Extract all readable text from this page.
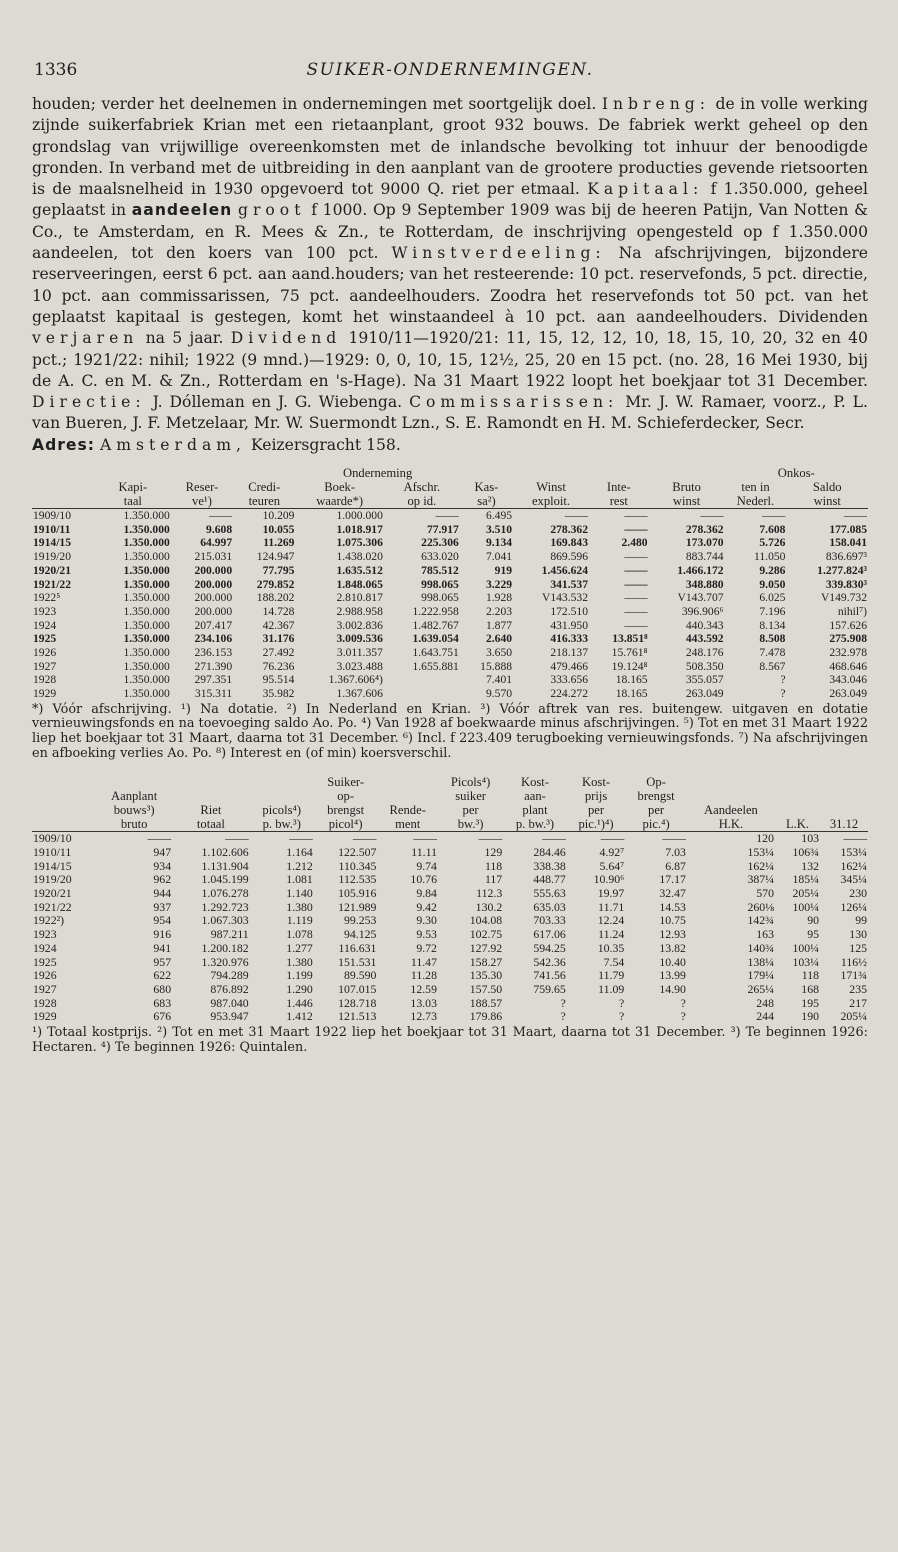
1336	SUIKER-ONDERNEMINGEN.

houden; verder het deelnemen in ondernemingen met soortgelijk doel. Inbreng: de in volle werking zijnde suikerfabriek Krian met een rietaanplant, groot 932 bouws. De fabriek werkt geheel op den grondslag van vrijwillige overeenkomsten met de inlandsche bevolking tot inhuur der benoodigde gronden. In verband met de uitbreiding in den aanplant van de grootere producties gevende rietsoorten is de maalsnelheid in 1930 opgevoerd tot 9000 Q. riet per etmaal. Kapitaal: f 1.350.000, geheel geplaatst in aandeelen groot f 1000. Op 9 September 1909 was bij de heeren Patijn, Van Notten & Co., te Amsterdam, en R. Mees & Zn., te Rotterdam, de inschrijving opengesteld op f 1.350.000 aandeelen, tot den koers van 100 pct. Winstverdeeling: Na afschrijvingen, bijzondere reserveeringen, eerst 6 pct. aan aand.houders; van het resteerende: 10 pct. reservefonds, 5 pct. directie, 10 pct. aan commissarissen, 75 pct. aandeelhouders. Zoodra het reservefonds tot 50 pct. van het geplaatst kapitaal is gestegen, komt het winstaandeel à 10 pct. aan aandeelhouders. Dividenden verjaren na 5 jaar. Dividend 1910/11—1920/21: 11, 15, 12, 12, 10, 18, 15, 10, 20, 32 en 40 pct.; 1921/22: nihil; 1922 (9 mnd.)—1929: 0, 0, 10, 15, 12½, 25, 20 en 15 pct. (no. 28, 16 Mei 1930, bij de A. C. en M. & Zn., Rotterdam en 's-Hage). Na 31 Maart 1922 loopt het boekjaar tot 31 December. Directie: J. Dólleman en J. G. Wiebenga. Commissarissen: Mr. J. W. Ramaer, voorz., P. L. van Bueren, J. F. Metzelaar, Mr. W. Suermondt Lzn., S. E. Ramondt en H. M. Schieferdecker, Secr.

Adres: Amsterdam, Keizersgracht 158.

				Onderneming						Onkos-	
	Kapi-	Reser-	Credi-	Boek-	Afschr.	Kas-	Winst	Inte-	Bruto	ten in	Saldo
	taal	ve¹)	teuren	waarde*)	op id.	sa²)	exploit.	rest	winst	Nederl.	winst
1909/10	1.350.000	——	10.209	1.000.000	——	6.495	——	——	——	——	——
1910/11	1.350.000	9.608	10.055	1.018.917	77.917	3.510	278.362	——	278.362	7.608	177.085
1914/15	1.350.000	64.997	11.269	1.075.306	225.306	9.134	169.843	2.480	173.070	5.726	158.041
1919/20	1.350.000	215.031	124.947	1.438.020	633.020	7.041	869.596	——	883.744	11.050	836.697³
1920/21	1.350.000	200.000	77.795	1.635.512	785.512	919	1.456.624	——	1.466.172	9.286	1.277.824³
1921/22	1.350.000	200.000	279.852	1.848.065	998.065	3.229	341.537	——	348.880	9.050	339.830³
1922⁵	1.350.000	200.000	188.202	2.810.817	998.065	1.928	V143.532	——	V143.707	6.025	V149.732
1923	1.350.000	200.000	14.728	2.988.958	1.222.958	2.203	172.510	——	396.906⁶	7.196	nihil⁷)
1924	1.350.000	207.417	42.367	3.002.836	1.482.767	1.877	431.950	——	440.343	8.134	157.626
1925	1.350.000	234.106	31.176	3.009.536	1.639.054	2.640	416.333	13.851⁸	443.592	8.508	275.908
1926	1.350.000	236.153	27.492	3.011.357	1.643.751	3.650	218.137	15.761⁸	248.176	7.478	232.978
1927	1.350.000	271.390	76.236	3.023.488	1.655.881	15.888	479.466	19.124⁸	508.350	8.567	468.646
1928	1.350.000	297.351	95.514	1.367.606⁴)		7.401	333.656	18.165	355.057	?	343.046
1929	1.350.000	315.311	35.982	1.367.606		9.570	224.272	18.165	263.049	?	263.049

*) Vóór afschrijving. ¹) Na dotatie. ²) In Nederland en Krian. ³) Vóór aftrek van res. buitengew. uitgaven en dotatie vernieuwingsfonds en na toevoeging saldo Ao. Po. ⁴) Van 1928 af boekwaarde minus afschrijvingen. ⁵) Tot en met 31 Maart 1922 liep het boekjaar tot 31 Maart, daarna tot 31 December. ⁶) Incl. f 223.409 terugboeking vernieuwingsfonds. ⁷) Na afschrijvingen en afboeking verlies Ao. Po. ⁸) Interest en (of min) koersverschil.

				Suiker-		Picols⁴)	Kost-	Kost-	Op-			
	Aanplant			op-		suiker	aan-	prijs	brengst			
	bouws³)	Riet	picols⁴)	brengst	Rende-	per	plant	per	per	Aandeelen		
	bruto	totaal	p. bw.³)	picol⁴)	ment	bw.³)	p. bw.³)	pic.¹)⁴)	pic.⁴)	H.K.	L.K.	31.12
1909/10	——	——	——	——	——	——	——	——	——	120	103	——
1910/11	947	1.102.606	1.164	122.507	11.11	129	284.46	4.92⁷	7.03	153¼	106¾	153¼
1914/15	934	1.131.904	1.212	110.345	9.74	118	338.38	5.64⁷	6.87	162¼	132	162¼
1919/20	962	1.045.199	1.081	112.535	10.76	117	448.77	10.90⁶	17.17	387¼	185¼	345¼
1920/21	944	1.076.278	1.140	105.916	9.84	112.3	555.63	19.97	32.47	570	205¼	230
1921/22	937	1.292.723	1.380	121.989	9.42	130.2	635.03	11.71	14.53	260⅛	100¼	126¼
1922²)	954	1.067.303	1.119	99.253	9.30	104.08	703.33	12.24	10.75	142¾	90	99
1923	916	987.211	1.078	94.125	9.53	102.75	617.06	11.24	12.93	163	95	130
1924	941	1.200.182	1.277	116.631	9.72	127.92	594.25	10.35	13.82	140¾	100¼	125
1925	957	1.320.976	1.380	151.531	11.47	158.27	542.36	7.54	10.40	138¼	103¼	116½
1926	622	794.289	1.199	89.590	11.28	135.30	741.56	11.79	13.99	179¼	118	171¾
1927	680	876.892	1.290	107.015	12.59	157.50	759.65	11.09	14.90	265¼	168	235
1928	683	987.040	1.446	128.718	13.03	188.57	?	?	?	248	195	217
1929	676	953.947	1.412	121.513	12.73	179.86	?	?	?	244	190	205¼

¹) Totaal kostprijs. ²) Tot en met 31 Maart 1922 liep het boekjaar tot 31 Maart, daarna tot 31 December. ³) Te beginnen 1926: Hectaren. ⁴) Te beginnen 1926: Quintalen.
